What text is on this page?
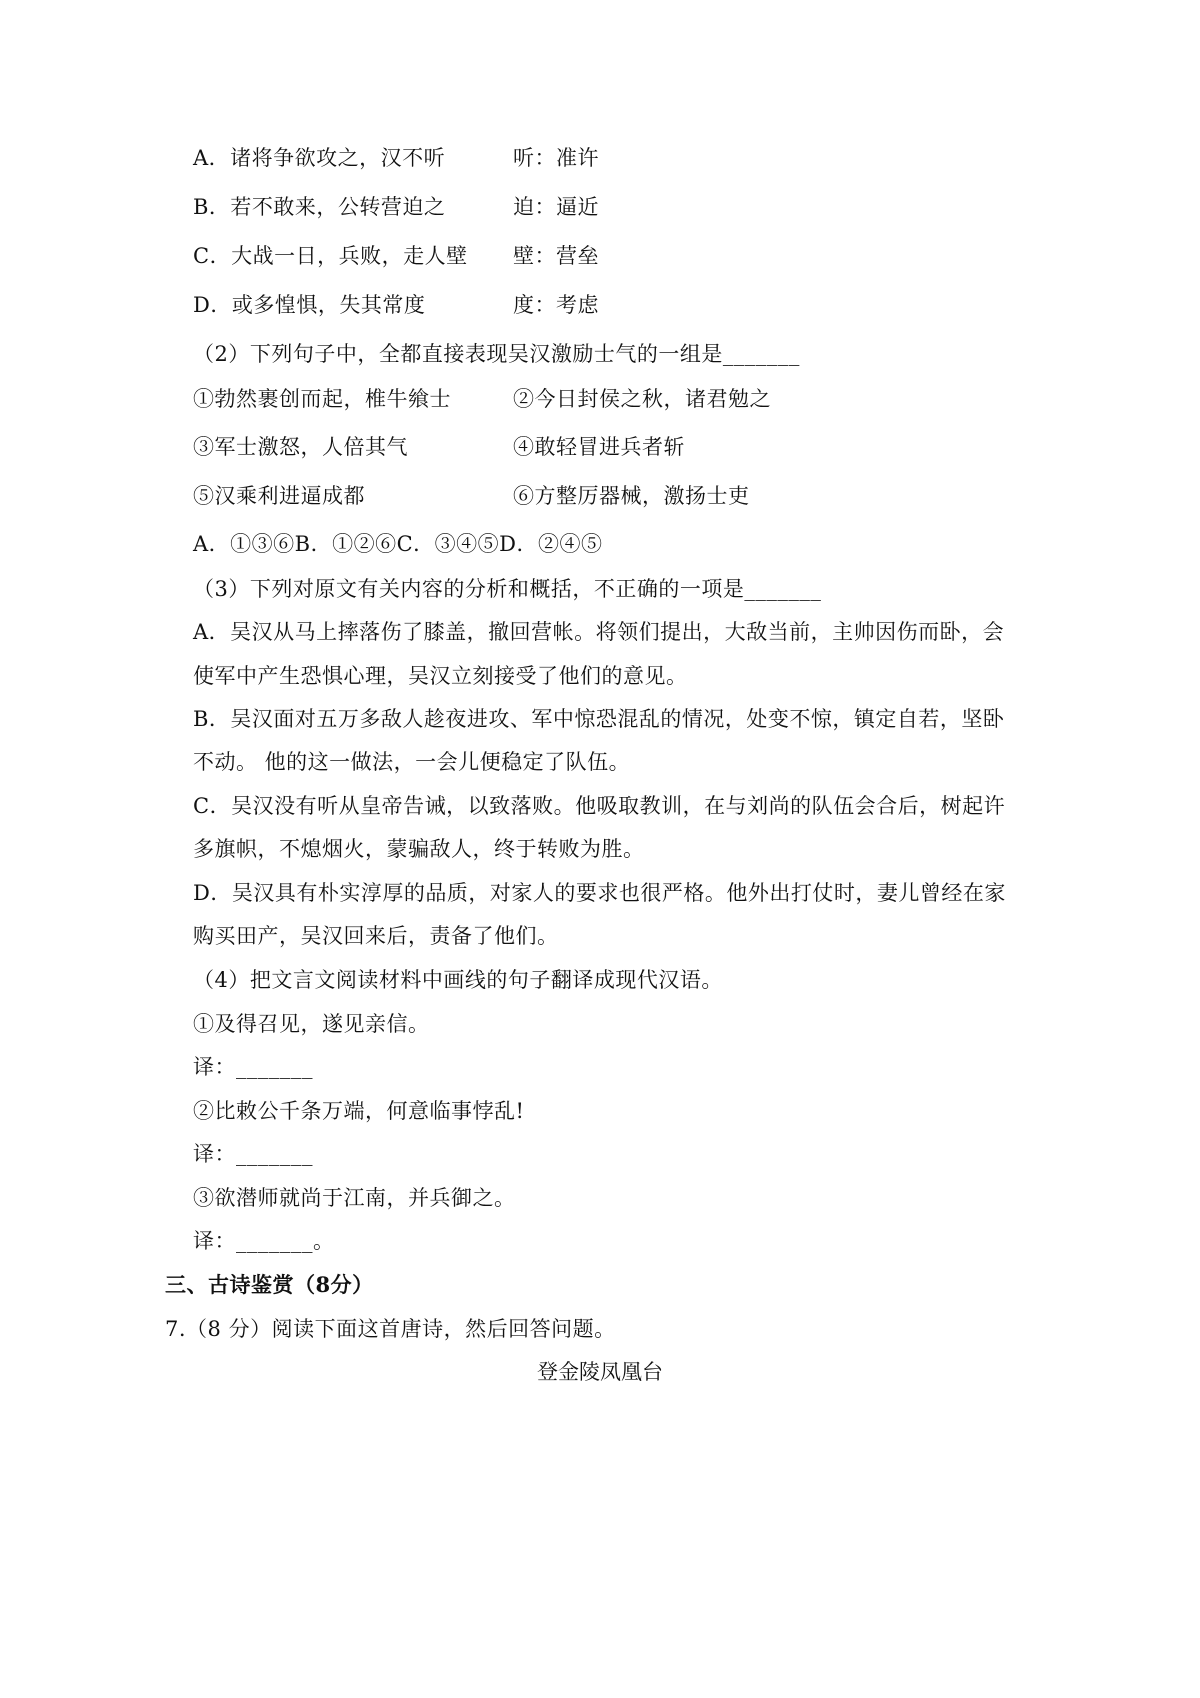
A．诸将争欲攻之，汉不听	听：准许
B．若不敢来，公转营迫之	迫：逼近
C．大战一日，兵败，走人壁 壁：营垒
D．或多惶惧，失其常度	度：考虑
（2）下列句子中，全都直接表现吴汉激励士气的一组是_______
①勃然裹创而起，椎牛飨士	②今日封侯之秋，诸君勉之
③军士激怒，人倍其气	④敢轻冒进兵者斩
⑤汉乘利进逼成都	⑥方整厉器械，激扬士吏
A．①③⑥B．①②⑥C．③④⑤D．②④⑤
（3）下列对原文有关内容的分析和概括，不正确的一项是_______
A．吴汉从马上摔落伤了膝盖，撤回营帐。将领们提出，大敌当前，主帅因伤而卧，会
使军中产生恐惧心理，吴汉立刻接受了他们的意见。
B．吴汉面对五万多敌人趁夜进攻、军中惊恐混乱的情况，处变不惊，镇定自若，坚卧
不动。 他的这一做法，一会儿便稳定了队伍。
C．吴汉没有听从皇帝告诫，以致落败。他吸取教训，在与刘尚的队伍会合后，树起许
多旗帜，不熄烟火，蒙骗敌人，终于转败为胜。
D．吴汉具有朴实淳厚的品质，对家人的要求也很严格。他外出打仗时，妻儿曾经在家
购买田产，吴汉回来后，责备了他们。
（4）把文言文阅读材料中画线的句子翻译成现代汉语。
①及得召见，遂见亲信。
译：_______
②比敕公千条万端，何意临事悖乱!
译：_______
③欲潜师就尚于江南，并兵御之。
译：_______。
三、古诗鉴赏（8分）
7.（8 分）阅读下面这首唐诗，然后回答问题。
登金陵凤凰台
